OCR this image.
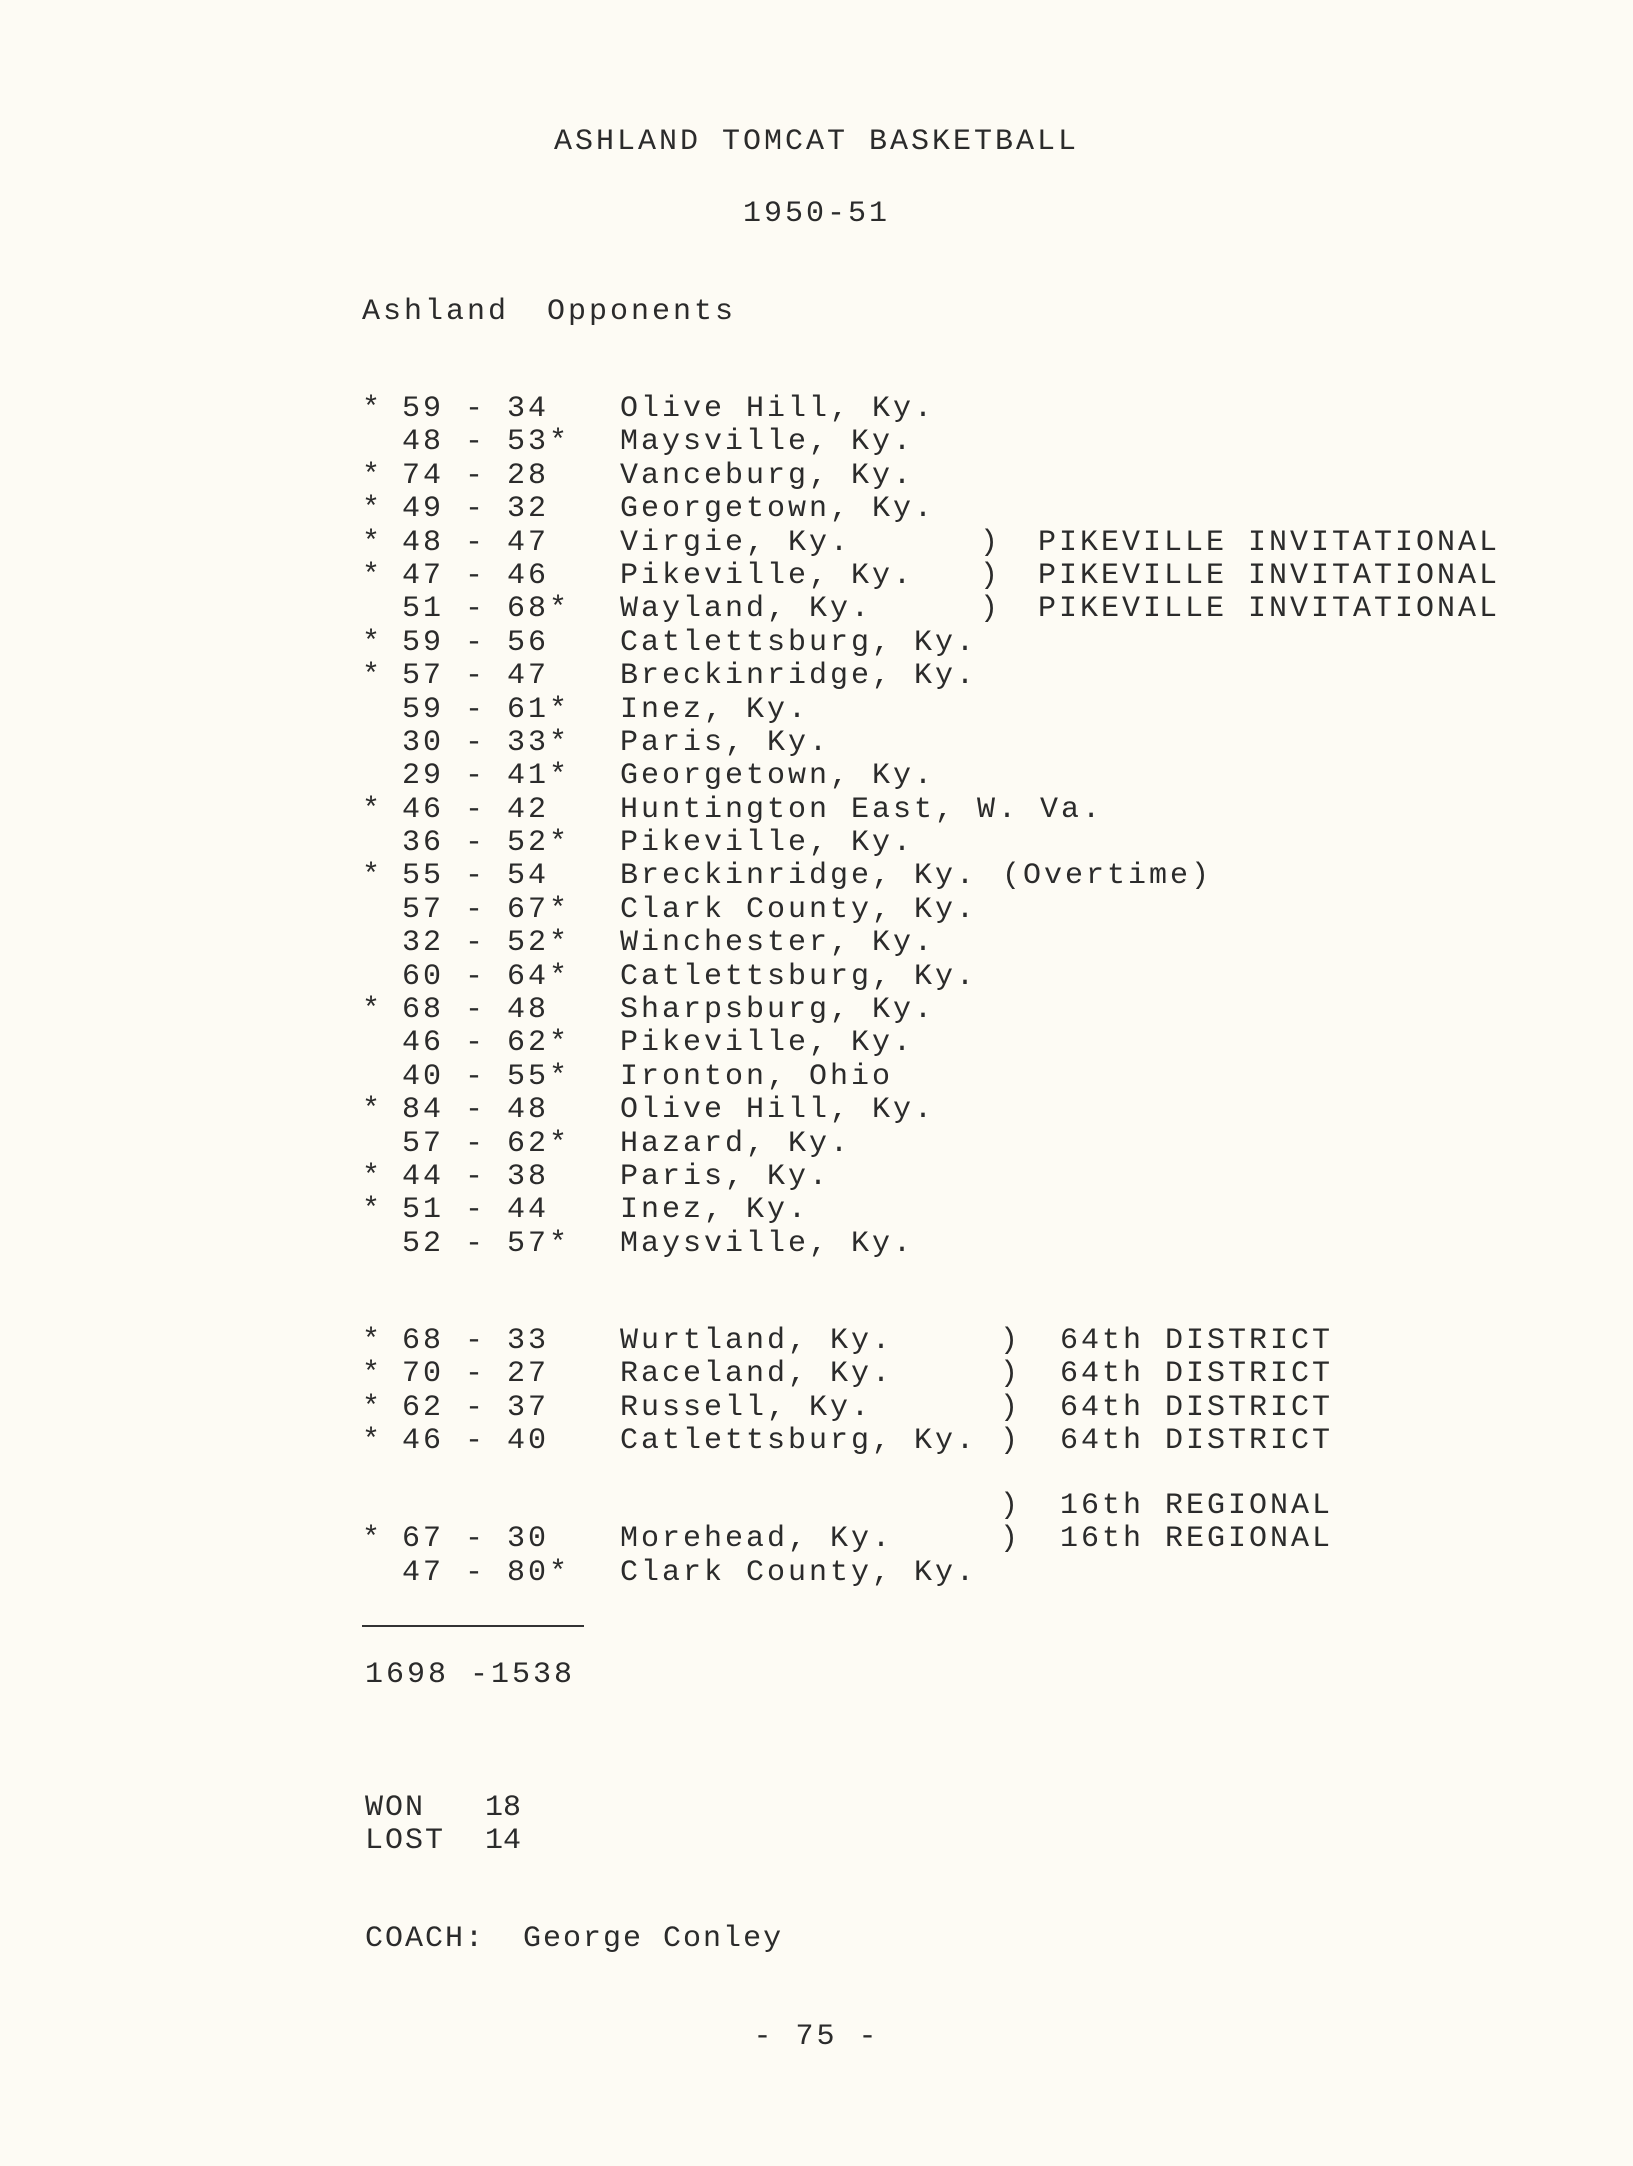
ASHLAND TOMCAT BASKETBALL
1950-51
Ashland Opponents
* 59 - 34 Olive Hill, Ky.
48 - 53* Maysville, Ky.
* 74 - 28 Vanceburg, Ky.
* 49 - 32 Georgetown, Ky.
* 48 - 47 Virgie, Ky.	) PIKEVILLE INVITATIONAL
* 47 - 46 Pikeville, Ky. ) PIKEVILLE INVITATIONAL
51 - 68* Wayland, Ky.	) PIKEVILLE INVITATIONAL
* 59 - 56 Catlettsburg, Ky.
* 57 - 47 Breckinridge, Ky.
59 - 61* Inez, Ky.
30 - 33* Paris, Ky.
29 - 41* Georgetown, Ky.
* 46 - 42 Huntington East, W. Va.
36 - 52* Pikeville, Ky.
* 55 - 54 Breckinridge, Ky. (Overtime)
57 - 67* Clark County, Ky.
32 - 52* Winchester, Ky.
60 - 64* Catlettsburg, Ky.
* 68 - 48 Sharpsburg, Ky.
46 - 62* Pikeville, Ky.
40 - 55* Ironton, Ohio
* 84 - 48 Olive Hill, Ky.
57 - 62* Hazard, Ky.
* 44 - 38 Paris, Ky.
* 51 - 44 Inez, Ky.
52 - 57* Maysville, Ky.
* 68 - 33 Wurtland, Ky.	) 64th DISTRICT
* 70 - 27 Raceland, Ky.	) 64th DISTRICT
* 62 - 37 Russell, Ky.	) 64th DISTRICT
* 46 - 40 Catlettsburg, Ky. ) 64th DISTRICT
) 16th REGIONAL
* 67 - 30 Morehead, Ky.	) 16th REGIONAL
47 - 80* Clark County, Ky.
1698 -1538
WON 18
LOST 14
COACH: George Conley
- 75 -
